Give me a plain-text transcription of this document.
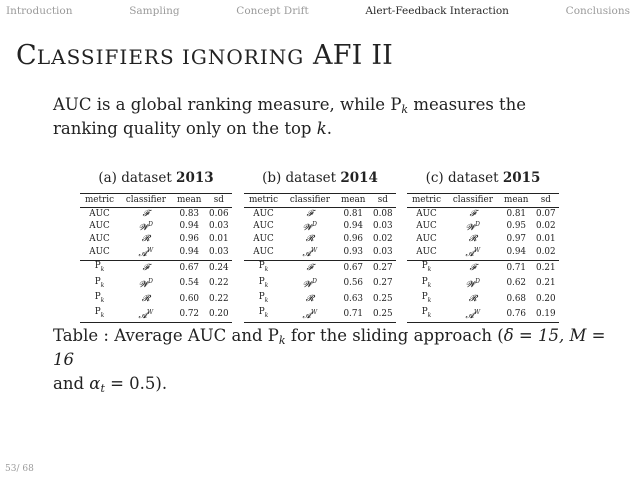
Introduction	Sampling	Concept Drift	Alert-Feedback Interaction	Conclusions
CLASSIFIERS IGNORING AFI II
AUC is a global ranking measure, while $P_k$ measures the ranking quality only on the top k.
(a) dataset 2013
metric	classifier	mean	sd
AUC	𝓕	0.83	0.06
AUC	𝓦$^D$	0.94	0.03
AUC	𝓡	0.96	0.01
AUC	𝓐$^W$	0.94	0.03
$P_k$	𝓕	0.67	0.24
$P_k$	𝓦$^D$	0.54	0.22
$P_k$	𝓡	0.60	0.22
$P_k$	𝓐$^W$	0.72	0.20
(b) dataset 2014
metric	classifier	mean	sd
AUC	𝓕	0.81	0.08
AUC	𝓦$^D$	0.94	0.03
AUC	𝓡	0.96	0.02
AUC	𝓐$^W$	0.93	0.03
$P_k$	𝓕	0.67	0.27
$P_k$	𝓦$^D$	0.56	0.27
$P_k$	𝓡	0.63	0.25
$P_k$	𝓐$^W$	0.71	0.25
(c) dataset 2015
metric	classifier	mean	sd
AUC	𝓕	0.81	0.07
AUC	𝓦$^D$	0.95	0.02
AUC	𝓡	0.97	0.01
AUC	𝓐$^W$	0.94	0.02
$P_k$	𝓕	0.71	0.21
$P_k$	𝓦$^D$	0.62	0.21
$P_k$	𝓡	0.68	0.20
$P_k$	𝓐$^W$	0.76	0.19
Table : Average AUC and $P_k$ for the sliding approach (δ = 15, M = 16
and $\alpha_t = 0.5$).
53/ 68
